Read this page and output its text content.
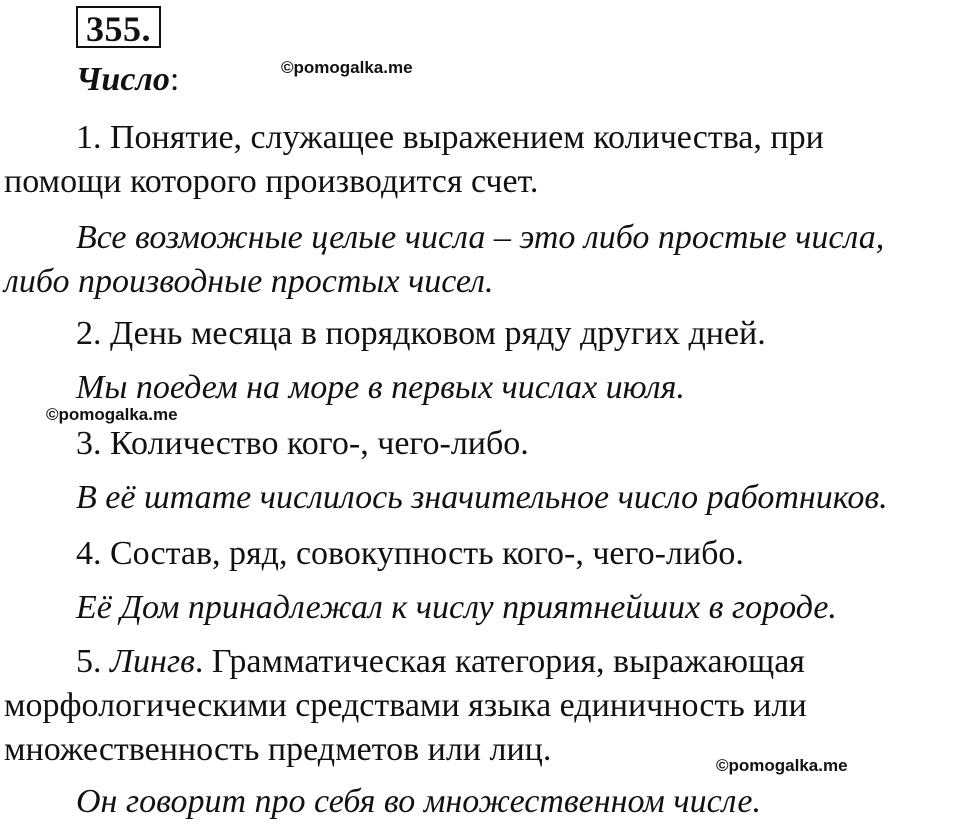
355.
Число:	©pomogalka.me
©pomogalka.me
©pomogalka.me
1. Понятие, служащее выражением количества, при
помощи которого производится счет.
Все возможные целые числа – это либо простые числа,
либо производные простых чисел.
2. День месяца в порядковом ряду других дней.
Мы поедем на море в первых числах июля.
3. Количество кого-, чего-либо.
В её штате числилось значительное число работников.
4. Состав, ряд, совокупность кого-, чего-либо.
Её Дом принадлежал к числу приятнейших в городе.
5. Лингв. Грамматическая категория, выражающая
морфологическими средствами языка единичность или
множественность предметов или лиц.
Он говорит про себя во множественном числе.
